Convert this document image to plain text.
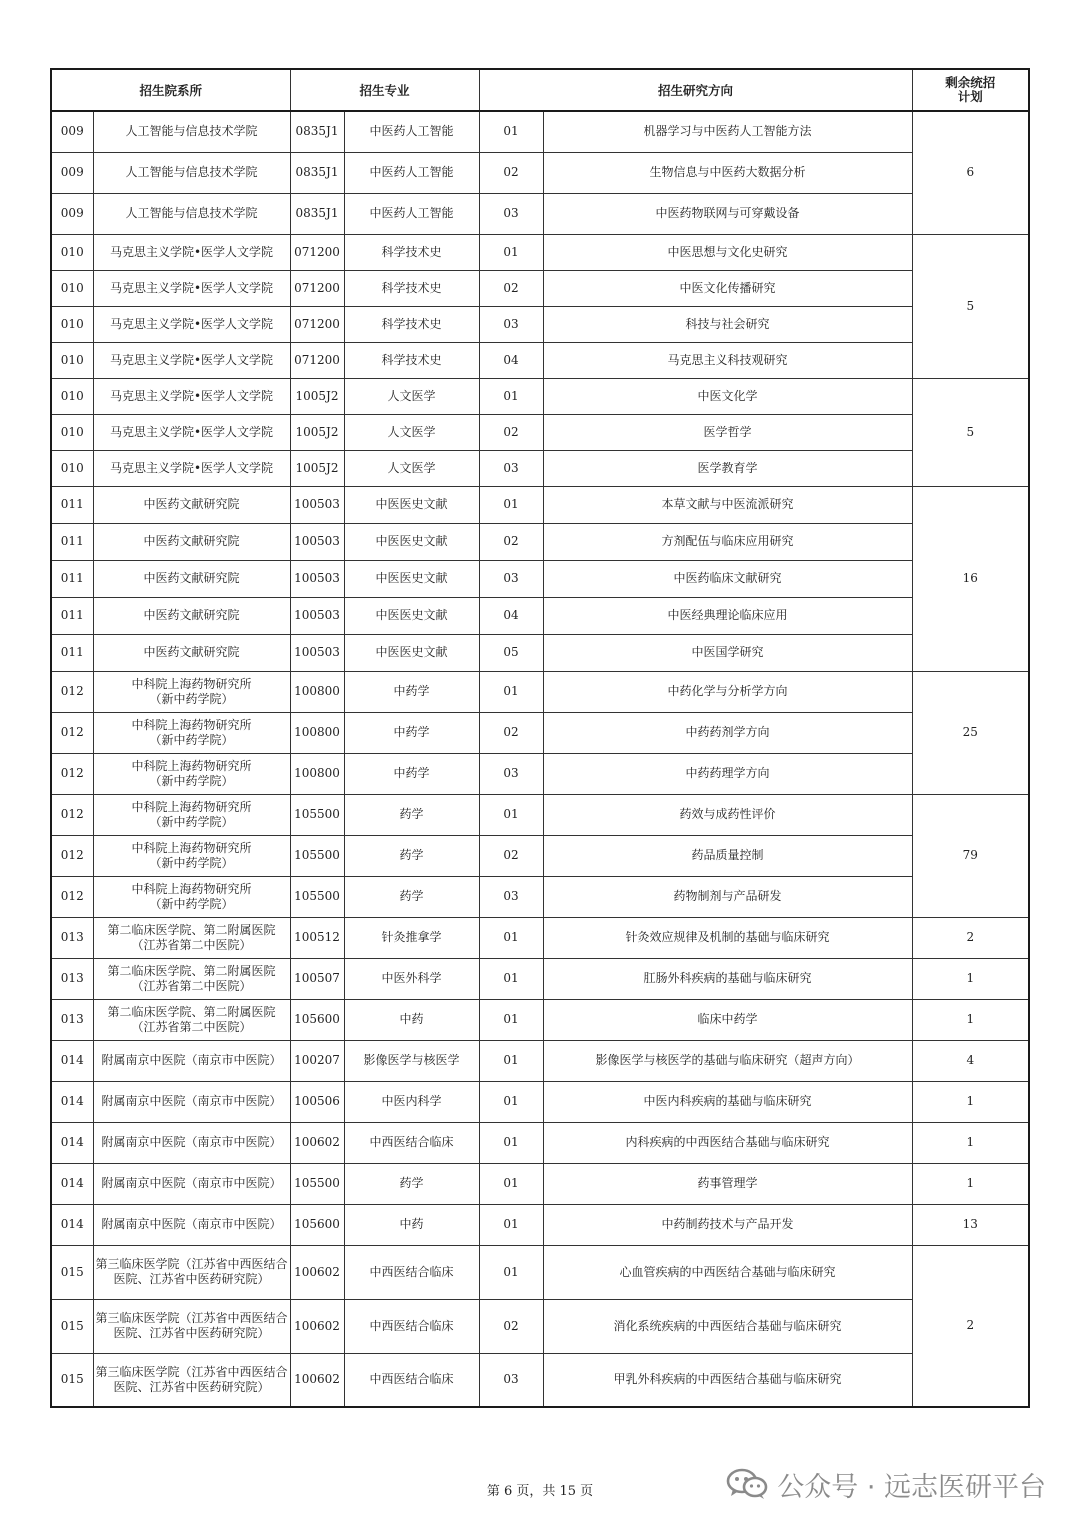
招生院系所		招生专业		招生研究方向		剩余统招
计划

009	人工智能与信息技术学院	0835J1	中医药人工智能	01	机器学习与中医药人工智能方法	6
009	人工智能与信息技术学院	0835J1	中医药人工智能	02	生物信息与中医药大数据分析	
009	人工智能与信息技术学院	0835J1	中医药人工智能	03	中医药物联网与可穿戴设备	
010	马克思主义学院•医学人文学院	071200	科学技术史	01	中医思想与文化史研究	5
010	马克思主义学院•医学人文学院	071200	科学技术史	02	中医文化传播研究	
010	马克思主义学院•医学人文学院	071200	科学技术史	03	科技与社会研究	
010	马克思主义学院•医学人文学院	071200	科学技术史	04	马克思主义科技观研究	
010	马克思主义学院•医学人文学院	1005J2	人文医学	01	中医文化学	5
010	马克思主义学院•医学人文学院	1005J2	人文医学	02	医学哲学	
010	马克思主义学院•医学人文学院	1005J2	人文医学	03	医学教育学	
011	中医药文献研究院	100503	中医医史文献	01	本草文献与中医流派研究	16
011	中医药文献研究院	100503	中医医史文献	02	方剂配伍与临床应用研究	
011	中医药文献研究院	100503	中医医史文献	03	中医药临床文献研究	
011	中医药文献研究院	100503	中医医史文献	04	中医经典理论临床应用	
011	中医药文献研究院	100503	中医医史文献	05	中医国学研究	
012	中科院上海药物研究所
（新中药学院）	100800	中药学	01	中药化学与分析学方向	25
012	中科院上海药物研究所
（新中药学院）	100800	中药学	02	中药药剂学方向	
012	中科院上海药物研究所
（新中药学院）	100800	中药学	03	中药药理学方向	
012	中科院上海药物研究所
（新中药学院）	105500	药学	01	药效与成药性评价	79
012	中科院上海药物研究所
（新中药学院）	105500	药学	02	药品质量控制	
012	中科院上海药物研究所
（新中药学院）	105500	药学	03	药物制剂与产品研发	
013	第二临床医学院、第二附属医院
（江苏省第二中医院）	100512	针灸推拿学	01	针灸效应规律及机制的基础与临床研究	2
013	第二临床医学院、第二附属医院
（江苏省第二中医院）	100507	中医外科学	01	肛肠外科疾病的基础与临床研究	1
013	第二临床医学院、第二附属医院
（江苏省第二中医院）	105600	中药	01	临床中药学	1
014	附属南京中医院（南京市中医院）	100207	影像医学与核医学	01	影像医学与核医学的基础与临床研究（超声方向）	4
014	附属南京中医院（南京市中医院）	100506	中医内科学	01	中医内科疾病的基础与临床研究	1
014	附属南京中医院（南京市中医院）	100602	中西医结合临床	01	内科疾病的中西医结合基础与临床研究	1
014	附属南京中医院（南京市中医院）	105500	药学	01	药事管理学	1
014	附属南京中医院（南京市中医院）	105600	中药	01	中药制药技术与产品开发	13
015	第三临床医学院（江苏省中西医结合医院、江苏省中医药研究院）	100602	中西医结合临床	01	心血管疾病的中西医结合基础与临床研究	2
015	第三临床医学院（江苏省中西医结合医院、江苏省中医药研究院）	100602	中西医结合临床	02	消化系统疾病的中西医结合基础与临床研究	
015	第三临床医学院（江苏省中西医结合医院、江苏省中医药研究院）	100602	中西医结合临床	03	甲乳外科疾病的中西医结合基础与临床研究	
第 6 页，共 15 页	公众号 · 远志医研平台
